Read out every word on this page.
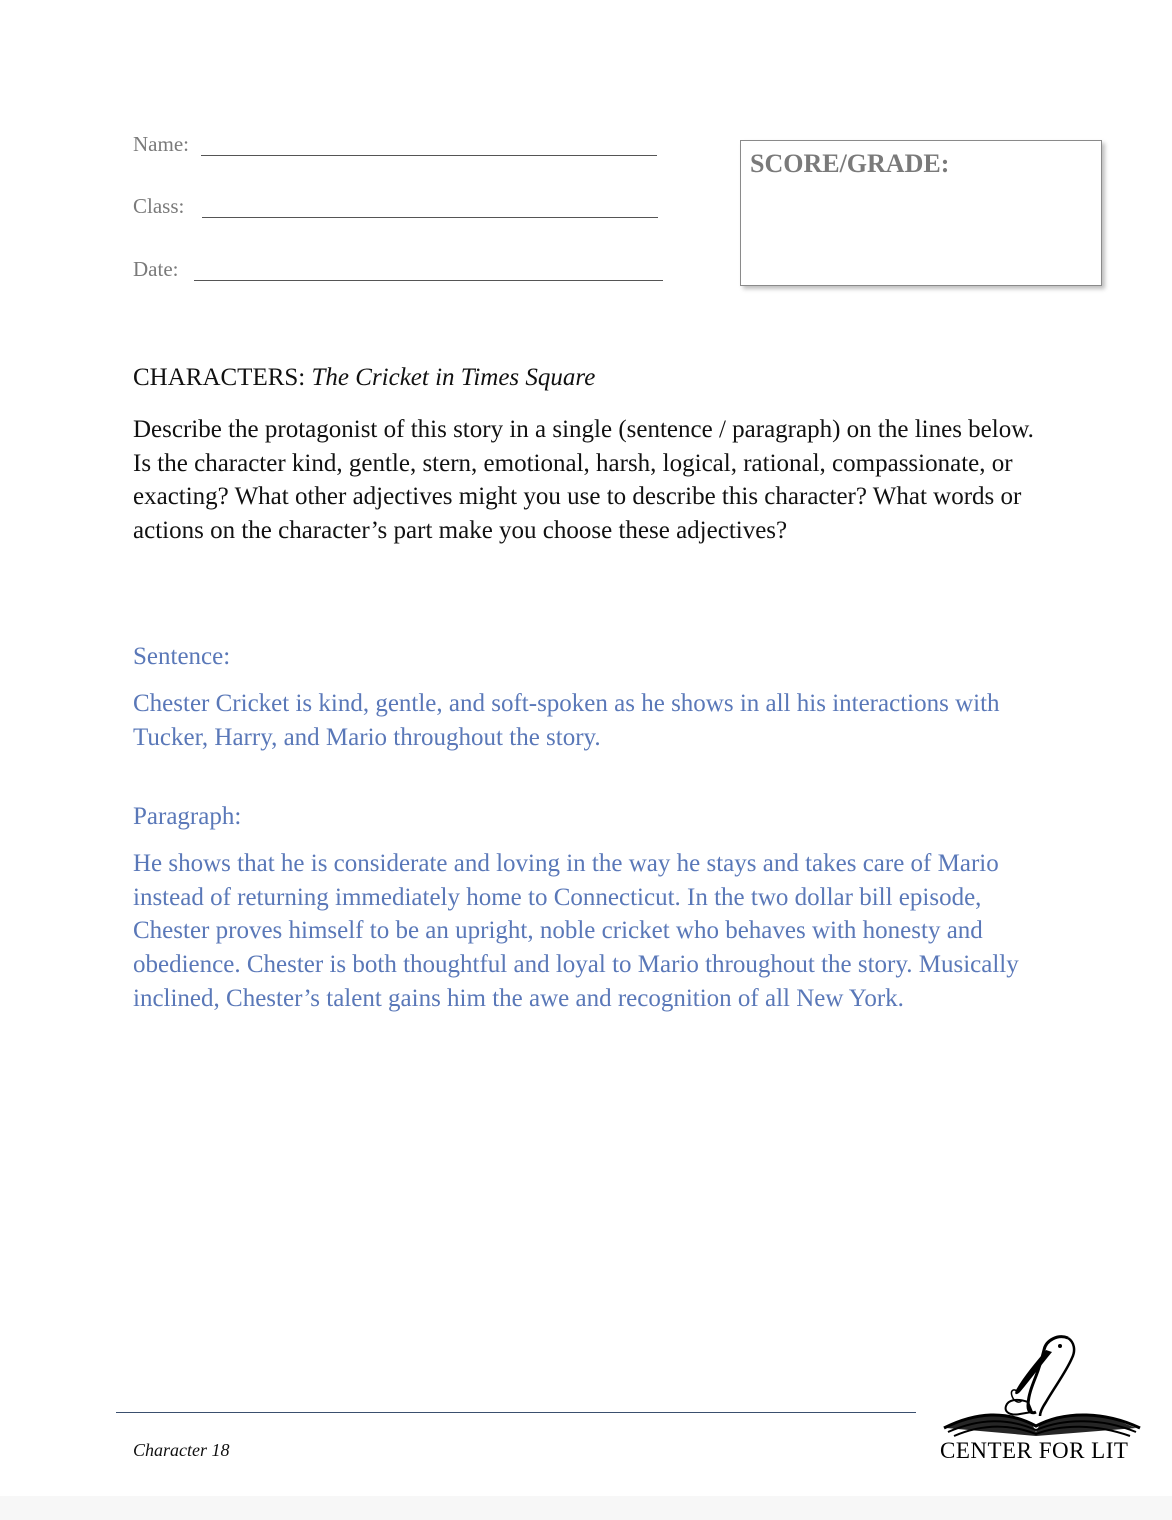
Name:
Class:
Date:
SCORE/GRADE:
CHARACTERS: The Cricket in Times Square

Describe the protagonist of this story in a single (sentence / paragraph) on the lines below. Is the character kind, gentle, stern, emotional, harsh, logical, rational, compassionate, or exacting? What other adjectives might you use to describe this character? What words or actions on the character’s part make you choose these adjectives?

Sentence:

Chester Cricket is kind, gentle, and soft-spoken as he shows in all his interactions with Tucker, Harry, and Mario throughout the story.

Paragraph:

He shows that he is considerate and loving in the way he stays and takes care of Mario instead of returning immediately home to Connecticut. In the two dollar bill episode, Chester proves himself to be an upright, noble cricket who behaves with honesty and obedience. Chester is both thoughtful and loyal to Mario throughout the story. Musically inclined, Chester’s talent gains him the awe and recognition of all New York.

Character 18	CENTER FOR LIT
